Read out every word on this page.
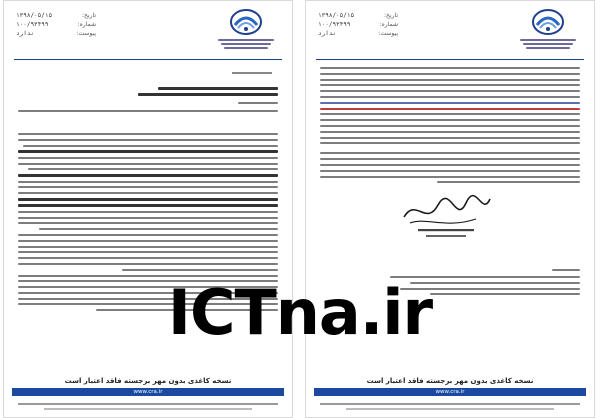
تاریخ:
۱۳۹۸/۰۵/۱۵
شماره:
۱۰۰/۹۳۴۹۹
پیوست:
ندارد
نسخه کاغذی بدون مهر برجسته فاقد اعتبار است
www.cra.ir
تاریخ:
۱۳۹۸/۰۵/۱۵
شماره:
۱۰۰/۹۳۴۹۹
پیوست:
ندارد
نسخه کاغذی بدون مهر برجسته فاقد اعتبار است
www.cra.ir
ICTna.ir
